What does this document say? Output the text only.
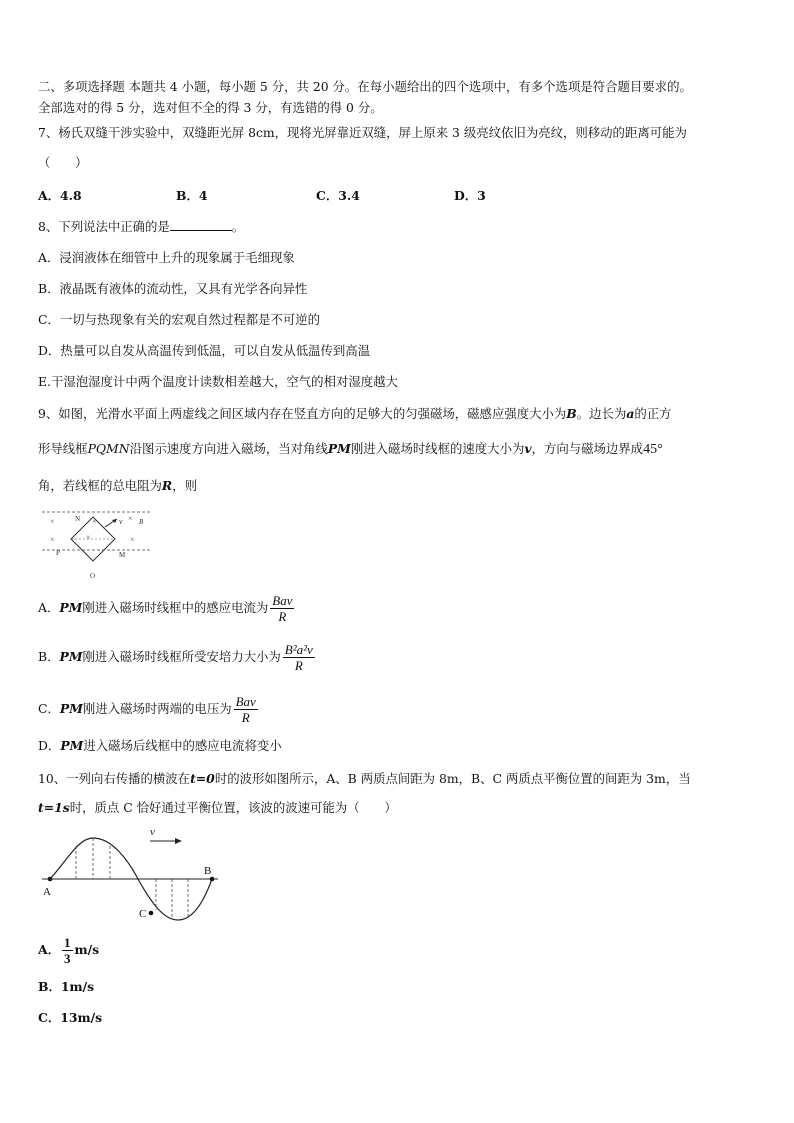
二、多项选择题 本题共 4 小题，每小题 5 分，共 20 分。在每小题给出的四个选项中，有多个选项是符合题目要求的。
全部选对的得 5 分，选对但不全的得 3 分，有选错的得 0 分。
7、杨氏双缝干涉实验中，双缝距光屏 8cm，现将光屏靠近双缝，屏上原来 3 级亮纹依旧为亮纹，则移动的距离可能为
（　　）
A．4.8	B．4	C．3.4	D．3
8、下列说法中正确的是	。
A．浸润液体在细管中上升的现象属于毛细现象
B．液晶既有液体的流动性，又具有光学各向异性
C．一切与热现象有关的宏观自然过程都是不可逆的
D．热量可以自发从高温传到低温，可以自发从低温传到高温
E.干湿泡湿度计中两个温度计读数相差越大，空气的相对湿度越大
9、如图，光滑水平面上两虚线之间区域内存在竖直方向的足够大的匀强磁场，磁感应强度大小为B。边长为a的正方
形导线框PQMN沿图示速度方向进入磁场，当对角线PM刚进入磁场时线框的速度大小为v，方向与磁场边界成45°
角，若线框的总电阻为R，则
×	×	×
×	×	×
N	v B
P	M
O
A．PM刚进入磁场时线框中的感应电流为 $\frac{\text{Bav}}{R}$
B．PM刚进入磁场时线框所受安培力大小为 $\frac{\text{B²a²v}}{R}$
C．PM刚进入磁场时两端的电压为 $\frac{\text{Bav}}{R}$
D．PM进入磁场后线框中的感应电流将变小
10、一列向右传播的横波在t=0时的波形如图所示，A、B 两质点间距为 8m，B、C 两质点平衡位置的间距为 3m，当
t=1s时，质点 C 恰好通过平衡位置，该波的波速可能为（　　）
v
A
B
C
A． $\frac{1}{3} m/s$
B．1m/s
C．13m/s
